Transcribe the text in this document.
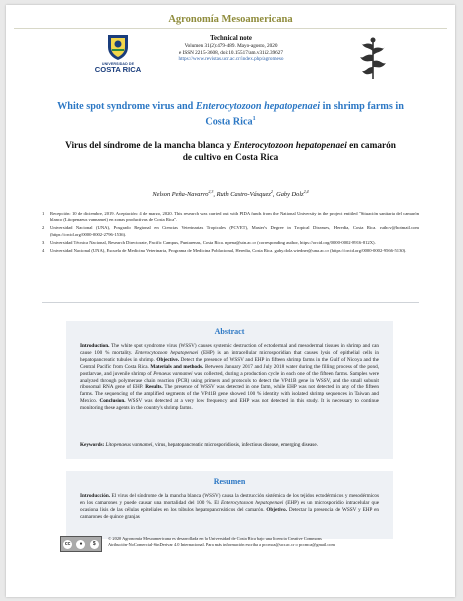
Agronomía Mesoamericana
UNIVERSIDAD DE
COSTA RICA
Technical note
Volumen 31(2):479-489. Mayo-agosto, 2020
e ISSN 2215-3608, doi:10.15517/am.v31i2.39627
https://www.revistas.ucr.ac.cr/index.php/agromeso
White spot syndrome virus and Enterocytozoon hepatopenaei in shrimp farms in Costa Rica$^1$
Virus del síndrome de la mancha blanca y Enterocytozoon hepatopenaei en camarón de cultivo en Costa Rica
Nelson Peña-Navarro$^{2,3}$, Ruth Castro-Vásquez$^2$, Gaby Dolz$^{2,4}$
1	Recepción: 10 de diciembre, 2019. Aceptación: 4 de marzo, 2020. This research was carried out with PIDA funds from the National University in the project entitled "Situación sanitaria del camarón blanco (Litopenaeus vannamei) en zonas productivas de Costa Rica".
2	Universidad Nacional (UNA), Posgrado Regional en Ciencias Veterinarias Tropicales (PCVET), Master's Degree in Tropical Diseases, Heredia, Costa Rica. ruthcv@hotmail.com (https://orcid.org/0000-0002-2796-1536).
3	Universidad Técnica Nacional, Research Directorate, Pacific Campus, Puntarenas, Costa Rica. npena@utn.ac.cr (corresponding author, https://orcid.org/0000-0002-8916-812X).
4	Universidad Nacional (UNA), Escuela de Medicina Veterinaria, Programa de Medicina Poblacional, Heredia, Costa Rica. gaby.dolz.wiedner@una.ac.cr (https://orcid.org/0000-0002-9566-5130).
Abstract
Introduction. The white spot syndrome virus (WSSV) causes systemic destruction of ectodermal and mesodermal tissues in shrimp and can cause 100 % mortality. Enterocytozoon hepatopenaei (EHP) is an intracellular microsporidian that causes lysis of epithelial cells in hepatopancreatic tubules in shrimp. Objective. Detect the presence of WSSV and EHP in fifteen shrimp farms in the Gulf of Nicoya and the Central Pacific from Costa Rica. Materials and methods. Between January 2017 and July 2018 water during the filling process of the pond, postlarvae, and juvenile shrimp of Penaeus vannamei was collected, during a production cycle in each one of the fifteen farms. Samples were analyzed through polymerase chain reaction (PCR) using primers and protocols to detect the VP41B gene in WSSV, and the small subunit ribosomal RNA gene of EHP. Results. The presence of WSSV was detected in one farm, while EHP was not detected in any of the fifteen farms. The sequencing of the amplified segments of the VP41B gene showed 100 % identity with isolated shrimp sequences in Taiwan and Mexico. Conclusion. WSSV was detected at a very low frequency and EHP was not detected in this study. It is necessary to continue monitoring these agents in the country's shrimp farms.
Keywords: Litopenaeus vannamei, virus, hepatopancreatic microsporidiosis, infectious disease, emerging disease.
Resumen
Introducción. El virus del síndrome de la mancha blanca (WSSV) causa la destrucción sistémica de los tejidos ectodérmicos y mesodérmicos en los camarones y puede causar una mortalidad del 100 %. El Enterocytozoon hepatopenaei (EHP) es un microsporidio intracelular que ocasiona lisis de las células epiteliales en los túbulos hepatopancreáticos del camarón. Objetivo. Detectar la presencia de WSSV y EHP en camarones de quince granjas
cc	●	$
© 2020 Agronomía Mesoamericana es desarrollada en la Universidad de Costa Rica bajo una licencia Creative Commons
Atribución-NoComercial-SinDerivar 4.0 Internacional. Para más información escriba a pccmca@ucr.ac.cr o pccmca@gmail.com
